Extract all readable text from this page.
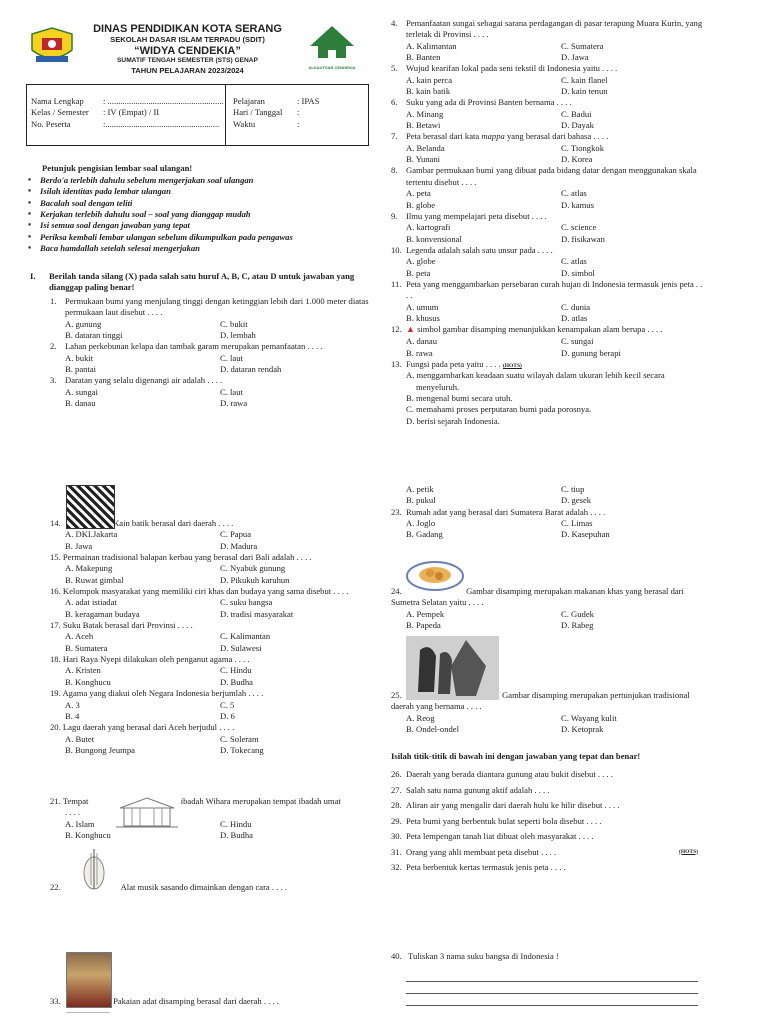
DINAS PENDIDIKAN KOTA SERANG
SEKOLAH DASAR ISLAM TERPADU (SDIT)
“WIDYA CENDEKIA”
SUMATIF TENGAH SEMESTER (STS) GENAP
TAHUN PELAJARAN 2023/2024	ALKAUTSAR CENDEKIA
Nama Lengkap : ......................................................
Kelas / Semester : IV (Empat) / II
No. Peserta	:.....................................................
Pelajaran	: IPAS
Hari / Tanggal :
Waktu	:
Petunjuk pengisian lembar soal ulangan!
▪ Berdo'a terlebih dahulu sebelum mengerjakan soal ulangan
▪ Isilah identitas pada lembar ulangan
▪ Bacalah soal dengan teliti
▪ Kerjakan terlebih dahulu soal – soal yang dianggap mudah
▪ Isi semua soal dengan jawaban yang tepat
▪ Periksa kembali lembar ulangan sebelum dikumpulkan pada pengawas
▪ Baca hamdallah setelah selesai mengerjakan
I. Berilah tanda silang (X) pada salah satu huruf A, B, C, atau D untuk jawaban yang dianggap paling benar!
1. Permukaan bumi yang menjulang tinggi dengan ketinggian lebih dari 1.000 meter diatas permukaan laut disebut . . . .
A. gunung	C. bukit
B. dataran tinggi	D. lembah
2. Lahan perkebunan kelapa dan tambak garam merupakan pemanfaatan . . . .
A. bukit	C. laut
B. pantai	D. dataran rendah
3. Daratan yang selalu digenangi air adalah . . . .
A. sungai	C. laut
B. danau	D. rawa
4. Pemanfaatan sungai sebagai sarana perdagangan di pasar terapung Muara Kurin, yang terletak di Provinsi . . . .
A. Kalimantan	C. Sumatera
B. Banten	D. Jawa
5. Wujud kearifan lokal pada seni tekstil di Indonesia yaitu . . . .
A. kain perca	C. kain flanel
B. kain batik	D. kain tenun
6. Suku yang ada di Provinsi Banten bernama . . . .
A. Minang	C. Badui
B. Betawi	D. Dayak
7. Peta berasal dari kata mappa yang berasal dari bahasa . . . .
A. Belanda	C. Tiongkok
B. Yunani	D. Korea
8. Gambar permukaan bumi yang dibuat pada bidang datar dengan menggunakan skala tertentu disebut . . . .
A. peta	C. atlas
B. globe	D. kamus
9. Ilmu yang mempelajari peta disebut . . . .
A. kartografi	C. science
B. konvensional	D. fisikawan
10. Legenda adalah salah satu unsur pada . . . .
A. globe	C. atlas
B. peta	D. simbol
11. Peta yang menggambarkan persebaran curah hujan di Indonesia termasuk jenis peta . . . .
A. umum	C. dunia
B. khusus	D. atlas
12. ▲ simbol gambar disamping menunjukkan kenampakan alam berupa . . . .
A. danau	C. sungai
B. rawa	D. gunung berapi
13. Fungsi pada peta yaitu . . . . (HOTS)
A. menggambarkan keadaan suatu wilayah dalam ukuran lebih kecil secara menyeluruh.
B. mengenal bumi secara utuh.
C. memahami proses perputaran bumi pada porosnya.
D. berisi sejarah Indonesia.
14.	Kain batik berasal dari daerah . . . .
A. DKI.Jakarta	C. Papua
B. Jawa	D. Madura
15. Permainan tradisional balapan kerbau yang berasal dari Bali adalah . . . .
A. Makepung	C. Nyabuk gunung
B. Ruwat gimbal	D. Pikukuh karuhun
16. Kelompok masyarakat yang memiliki ciri khas dan budaya yang sama disebut . . . .
A. adat istiadat	C. suku bangsa
B. keragaman budaya	D. tradisi masyarakat
17. Suku Batak berasal dari Provinsi . . . .
A. Aceh	C. Kalimantan
B. Sumatera	D. Sulawesi
18. Hari Raya Nyepi dilakukan oleh penganut agama . . . .
A. Kristen	C. Hindu
B. Konghucu	D. Budha
19. Agama yang diakui oleh Negara Indonesia berjumlah . . . .
A. 3	C. 5
B. 4	D. 6
20. Lagu daerah yang berasal dari Aceh berjudul . . . .
A. Butet	C. Soleram
B. Bungong Jeumpa	D. Tokecang
21. Tempat	ibadah Wihara merupakan tempat ibadah umat
. . . .
A. Islam	C. Hindu
B. Konghucu	D. Budha
22.	Alat musik sasando dimainkan dengan cara . . . .
33.	Pakaian adat disamping berasal dari daerah . . . .
A. petik	C. tiup
B. pukul	D. gesek
23. Rumah adat yang berasal dari Sumatera Barat adalah . . . .
A. Joglo	C. Limas
B. Gadang	D. Kasepuhan
24.	Gambar disamping merupakan makanan khas yang berasal dari Sumetra Selatan yaitu . . . .
A. Pempek	C. Gudek
B. Papeda	D. Rabeg
25.	Gambar disamping merupakan pertunjukan tradisional daerah yang bernama . . . .
A. Reog	C. Wayang kulit
B. Ondel-ondel	D. Ketoprak
Isilah titik-titik di bawah ini dengan jawaban yang tepat dan benar!
26. Daerah yang berada diantara gunung atau bukit disebut . . . .
27. Salah satu nama gunung aktif adalah . . . .
28. Aliran air yang mengalir dari daerah hulu ke hilir disebut . . . .
29. Peta bumi yang berbentuk bulat seperti bola disebut . . . .
30. Peta lempengan tanah liat dibuat oleh masyarakat . . . .
31. Orang yang ahli membuat peta disebut . . . .	(HOTS)
32. Peta berbentuk kertas termasuk jenis peta . . . .
40. Tuliskan 3 nama suku bangsa di Indonesia !
